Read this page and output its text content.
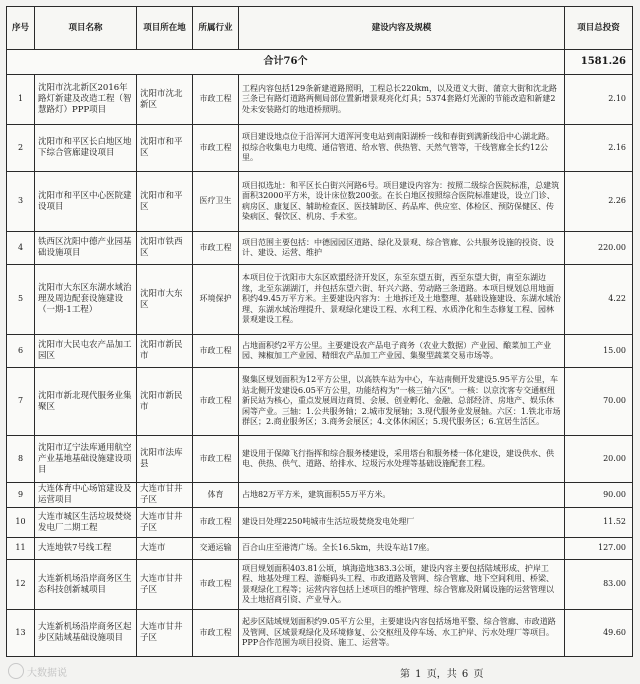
序号	项目名称	项目所在地	所属行业	建设内容及规模	项目总投资
合计76个					1581.26
1	沈阳市沈北新区2016年路灯新建及改造工程（智慧路灯）PPP项目	沈阳市沈北新区	市政工程	工程内容包括129条新建道路照明，工程总长220km，以及道义大街、蒲京大街和沈北路三条已有路灯道路两侧局部位置新增景观亮化灯具；5374套路灯光源的节能改造和新建2处未安装路灯的地道桥照明。	2.10
2	沈阳市和平区长白地区地下综合管廊建设项目	沈阳市和平区	市政工程	项目建设地点位于沿浑河大道浑河变电站到南阳湖桥一线和春街到满新线沿中心湖北路。拟综合收集电力电缆、通信管道、给水管、供热管、天然气管等，干线管廊全长约12公里。	2.16
3	沈阳市和平区中心医院建设项目	沈阳市和平区	医疗卫生	项目拟选址：和平区长白街兴河路6号。项目建设内容为：按照二级综合医院标准，总建筑面积32000平方米，设计床位数200张。在长白地区按照综合医院标准建设，设立门诊、病房区、康复区、辅助检查区、医技辅助区、药品库、供应室、体检区、预防保健区、传染病区、餐饮区、机房、手术室。	2.26
4	铁西区沈阳中德产业园基础设施项目	沈阳市铁西区	市政工程	项目范围主要包括：中德园园区道路、绿化及景观、综合管廊、公共服务设施的投资、设计、建设、运营、维护	220.00
5	沈阳市大东区东湖水域治理及周边配套设施建设（一期-1工程）	沈阳市大东区	环境保护	本项目位于沈阳市大东区欧盟经济开发区，东至东望五街，西至东望大街，南至东湖边缘，北至东湖湖汀，并包括东望六街、轩兴六路、劳动路三条道路。本项目规划总用地面积约49.45万平方米。主要建设内容为：土地拆迁及土地整理、基础设施建设、东湖水域治理、东湖水域治理提升、景观绿化建设工程、水利工程、水质净化和生态修复工程、园林景观建设工程。	4.22
6	沈阳市大民屯农产品加工园区	沈阳市新民市	市政工程	占地面积约2平方公里。主要建设农产品电子商务（农业大数据）产业园、酿菜加工产业园、辣椒加工产业园、精细农产品加工产业园、集聚型蔬菜交易市场等。	15.00
7	沈阳市新北现代服务业集聚区	沈阳市新民市	市政工程	聚集区规划面积为12平方公里，以高铁车站为中心，车站南侧开发建设5.95平方公里，车站北侧开发建设6.05平方公里，功能结构为"一核三轴六区"。一核：以京沈客专交通枢纽新民站为核心，重点发展周边商贸、会展、创业孵化、金融、总部经济、房地产、娱乐休闲等产业。三轴：1.公共服务轴；2.城市发展轴；3.现代服务业发展轴。六区：1.铁北市场群区；2.商业服务区；3.商务会展区；4.文体休闲区；5.现代服务区；6.宜居生活区。	70.00
8	沈阳市辽宁法库通用航空产业基地基础设施建设项目	沈阳市法库县	市政工程	建设用于保障飞行指挥和综合服务楼建设，采用塔台和服务楼一体化建设，建设供水、供电、供热、供气、道路、给排水、垃圾污水处理等基础设施配套工程。	20.00
9	大连体育中心场馆建设及运营项目	大连市甘井子区	体育	占地82万平方米，建筑面积55万平方米。	90.00
10	大连市城区生活垃圾焚烧发电厂二期工程	大连市甘井子区	市政工程	建设日处理2250吨城市生活垃圾焚烧发电处理厂	11.52
11	大连地铁7号线工程	大连市	交通运输	百合山庄至港湾广场。全长16.5km，共设车站17座。	127.00
12	大连新机场沿岸商务区生态科技创新城项目	大连市甘井子区	市政工程	项目规划面积403.81公顷，填海造地383.3公顷，建设内容主要包括陆域形成、护岸工程、地基处理工程、游艇码头工程、市政道路及管网、综合管廊、地下空间利用、桥梁、景观绿化工程等；运营内容包括上述项目的维护管理、综合管廊及附属设施的运营管理以及土地招商引资、产业导入。	83.00
13	大连新机场沿岸商务区起步区陆域基础设施项目	大连市甘井子区	市政工程	起步区陆域规划面积约9.05平方公里，主要建设内容包括场地平整、综合管廊、市政道路及管网、区域景观绿化及环境修复、公交枢纽及停车场、水工护岸、污水处理厂等项目。PPP合作范围为项目投资、施工、运营等。	49.60
大数据说	第 1 页，共 6 页
